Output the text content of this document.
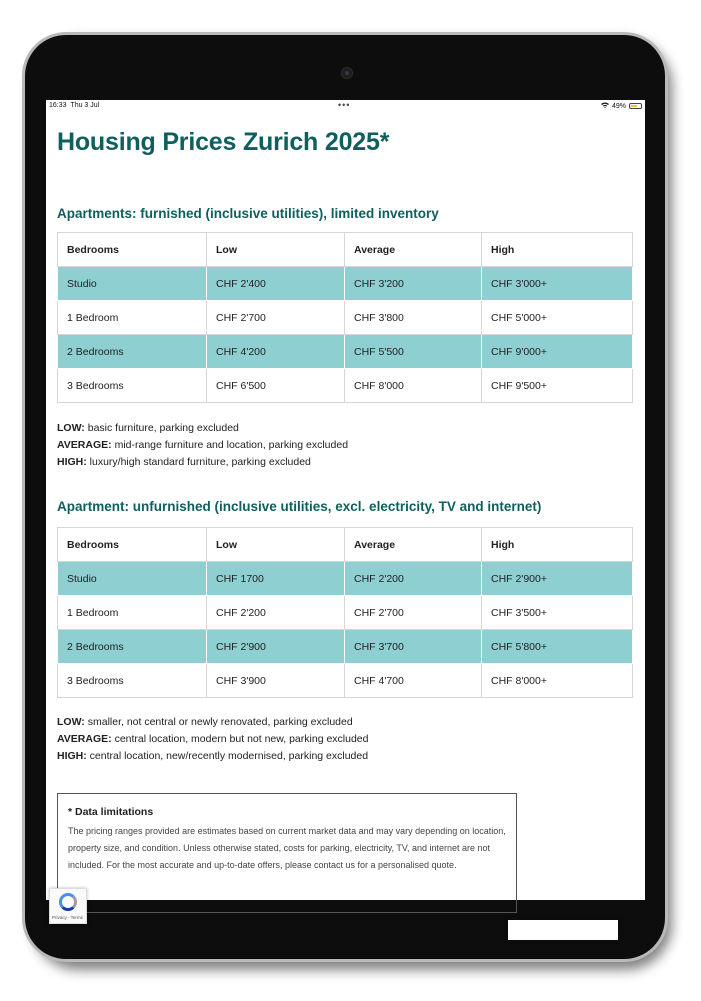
16:33 Thu 3 Jul	•••	49%
Housing Prices Zurich 2025*
Apartments: furnished (inclusive utilities), limited inventory
Bedrooms	Low	Average	High
Studio	CHF 2'400	CHF 3'200	CHF 3'000+
1 Bedroom	CHF 2'700	CHF 3'800	CHF 5'000+
2 Bedrooms	CHF 4'200	CHF 5'500	CHF 9'000+
3 Bedrooms	CHF 6'500	CHF 8'000	CHF 9'500+
LOW: basic furniture, parking excluded
AVERAGE: mid-range furniture and location, parking excluded
HIGH: luxury/high standard furniture, parking excluded
Apartment: unfurnished (inclusive utilities, excl. electricity, TV and internet)
Bedrooms	Low	Average	High
Studio	CHF 1700	CHF 2'200	CHF 2'900+
1 Bedroom	CHF 2'200	CHF 2'700	CHF 3'500+
2 Bedrooms	CHF 2'900	CHF 3'700	CHF 5'800+
3 Bedrooms	CHF 3'900	CHF 4'700	CHF 8'000+
LOW: smaller, not central or newly renovated, parking excluded
AVERAGE: central location, modern but not new, parking excluded
HIGH: central location, new/recently modernised, parking excluded
* Data limitations
The pricing ranges provided are estimates based on current market data and may vary depending on location, property size, and condition. Unless otherwise stated, costs for parking, electricity, TV, and internet are not included. For the most accurate and up-to-date offers, please contact us for a personalised quote.
Privacy - Terms
